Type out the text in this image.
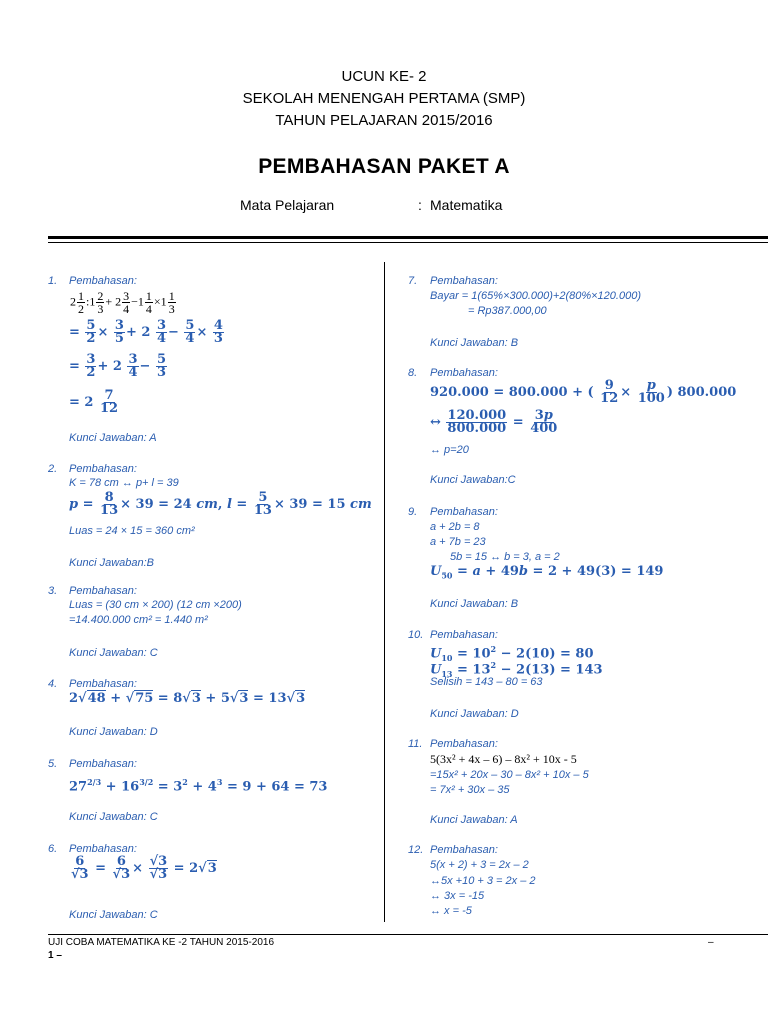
UCUN KE- 2
SEKOLAH MENENGAH PERTAMA (SMP)
TAHUN PELAJARAN 2015/2016
PEMBAHASAN PAKET A
Mata Pelajaran	: Matematika
1. Pembahasan:
$2 \frac{1}{2}$ :1 $\frac{2}{3} + 2 \frac{3}{4} -1 \frac{1}{4} \times 1 \frac{1}{3}$
= $\frac{5}{2} \times \frac{3}{5} + 2 \frac{3}{4} - \frac{5}{4} \times \frac{4}{3}$
= $\frac{3}{2} + 2 \frac{3}{4} - \frac{5}{3}$
= $2 \frac{7}{12}$
Kunci Jawaban: A
2. Pembahasan:
K = 78 cm ↔ p+ l = 39
$p = \frac{8}{13} \times 39 = 24$ cm, $l = \frac{5}{13} \times 39 = 15$ cm
Luas = 24 × 15 = 360 cm²
Kunci Jawaban:B
3. Pembahasan:
Luas = (30 cm × 200) (12 cm ×200)
=14.400.000 cm² = 1.440 m²
Kunci Jawaban: C
4. Pembahasan:
2√48 + √75 = 8√3 + 5√3 = 13√3
Kunci Jawaban: D
5. Pembahasan:
$27^{2/3} + 16^{3/2} = 3^2 + 4^3 = 9 + 64 = 73$
Kunci Jawaban: C
6. Pembahasan:
$\frac{6}{√3} = \frac{6}{√3} \times \frac{√3}{√3} = 2√3$
Kunci Jawaban: C
7. Pembahasan:
Bayar = 1(65%×300.000)+2(80%×120.000)
= Rp387.000,00
Kunci Jawaban: B
8. Pembahasan:
920.000 = 800.000 + ( $\frac{9}{12} \times \frac{p}{100}$ ) 800.000
↔ $\frac{120.000}{800.000} = \frac{3p}{400}$
↔ p=20
Kunci Jawaban:C
9. Pembahasan:
a + 2b = 8
a + 7b = 23
5b = 15 ↔ b = 3, a = 2
$U_{50} = a + 49b = 2 + 49(3) = 149$
Kunci Jawaban: B
10. Pembahasan:
$U_{10} = 10^2 - 2(10) = 80$
$U_{13} = 13^2 - 2(13) = 143$
Selisih = 143 – 80 = 63
Kunci Jawaban: D
11. Pembahasan:
5(3x² + 4x – 6) – 8x² + 10x - 5
=15x² + 20x – 30 – 8x² + 10x – 5
= 7x² + 30x – 35
Kunci Jawaban: A
12. Pembahasan:
5(x + 2) + 3 = 2x – 2
↔5x +10 + 3 = 2x – 2
↔ 3x = -15
↔ x = -5
UJI COBA MATEMATIKA KE -2 TAHUN 2015-2016	–
1 –
